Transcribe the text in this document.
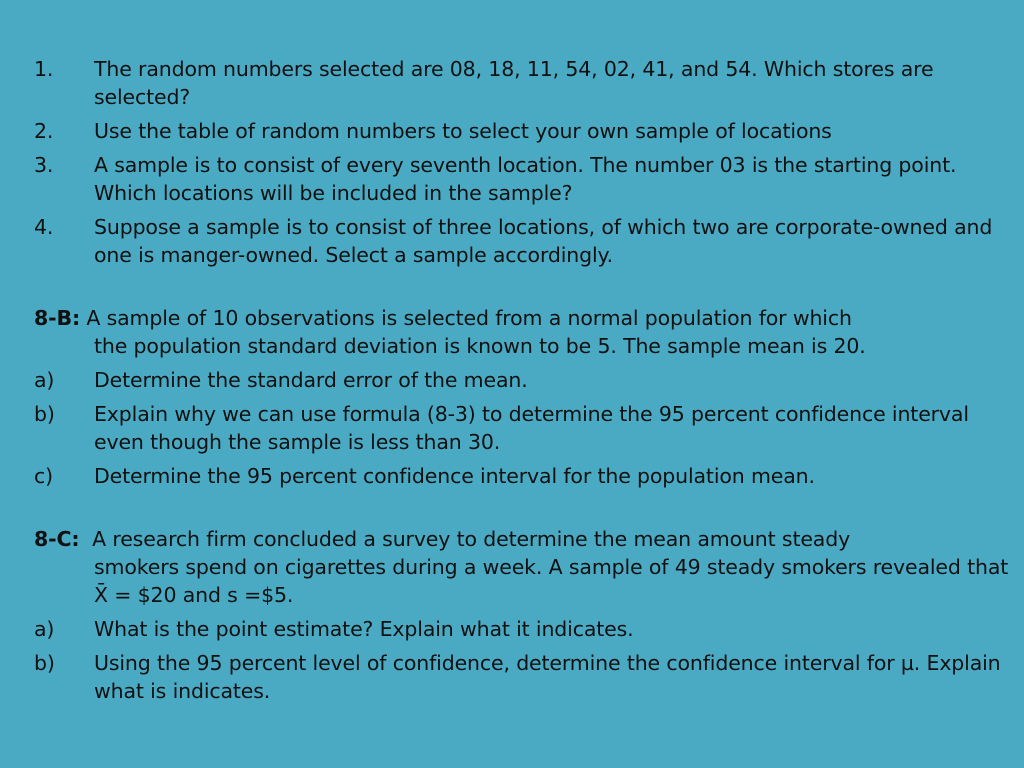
1. The random numbers selected are 08, 18, 11, 54, 02, 41, and 54. Which stores are selected?
2. Use the table of random numbers to select your own sample of locations
3. A sample is to consist of every seventh location. The number 03 is the starting point. Which locations will be included in the sample?
4. Suppose a sample is to consist of three locations, of which two are corporate-owned and one is manger-owned. Select a sample accordingly.
8-B: A sample of 10 observations is selected from a normal population for which
the population standard deviation is known to be 5. The sample mean is 20.
a) Determine the standard error of the mean.
b) Explain why we can use formula (8-3) to determine the 95 percent confidence interval even though the sample is less than 30.
c) Determine the 95 percent confidence interval for the population mean.
8-C: A research firm concluded a survey to determine the mean amount steady
smokers spend on cigarettes during a week. A sample of 49 steady smokers revealed that X̄ = $20 and s =$5.
a) What is the point estimate? Explain what it indicates.
b) Using the 95 percent level of confidence, determine the confidence interval for µ. Explain what is indicates.
